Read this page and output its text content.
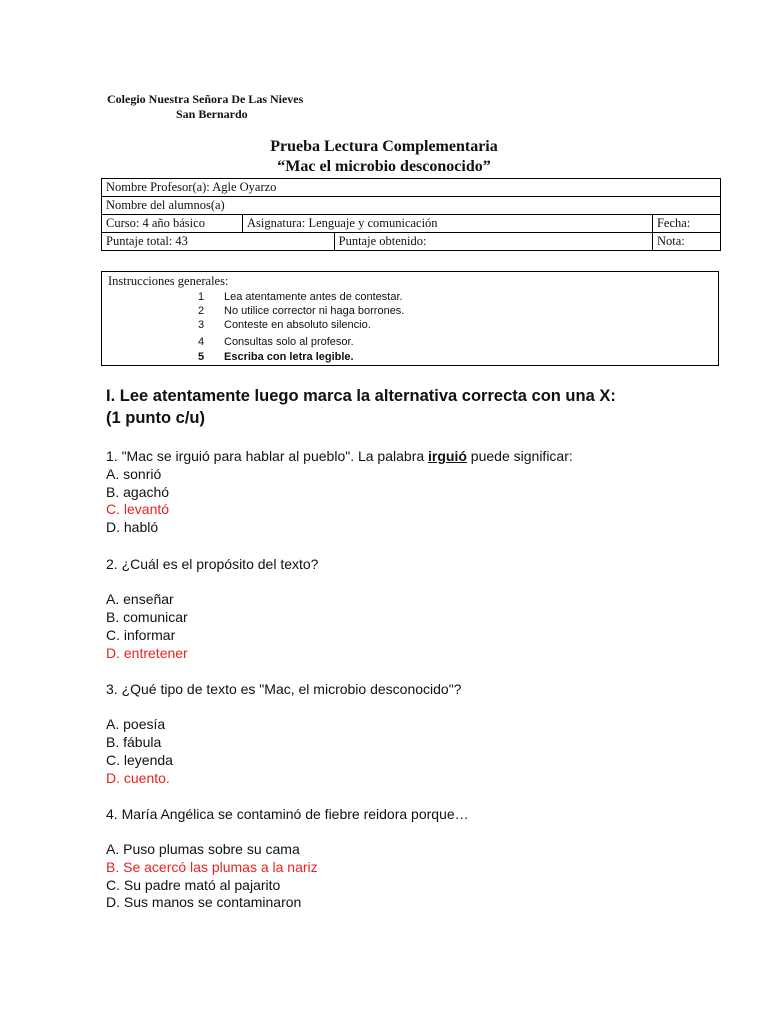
Colegio Nuestra Señora De Las Nieves
San Bernardo
Prueba Lectura Complementaria
“Mac el microbio desconocido”
Nombre Profesor(a): Agle Oyarzo			
Nombre del alumnos(a)			
Curso: 4 año básico	Asignatura: Lenguaje y comunicación		Fecha:
Puntaje total: 43		Puntaje obtenido:	Nota:
Instrucciones generales:
1 Lea atentamente antes de contestar.
2 No utilice corrector ni haga borrones.
3 Conteste en absoluto silencio.
4 Consultas solo al profesor.
5 Escriba con letra legible.
I. Lee atentamente luego marca la alternativa correcta con una X:
(1 punto c/u)
1. "Mac se irguió para hablar al pueblo". La palabra irguió puede significar:
A. sonrió
B. agachó
C. levantó
D. habló
2. ¿Cuál es el propósito del texto?
A. enseñar
B. comunicar
C. informar
D. entretener
3. ¿Qué tipo de texto es "Mac, el microbio desconocido"?
A. poesía
B. fábula
C. leyenda
D. cuento.
4. María Angélica se contaminó de fiebre reidora porque…
A. Puso plumas sobre su cama
B. Se acercó las plumas a la nariz
C. Su padre mató al pajarito
D. Sus manos se contaminaron
